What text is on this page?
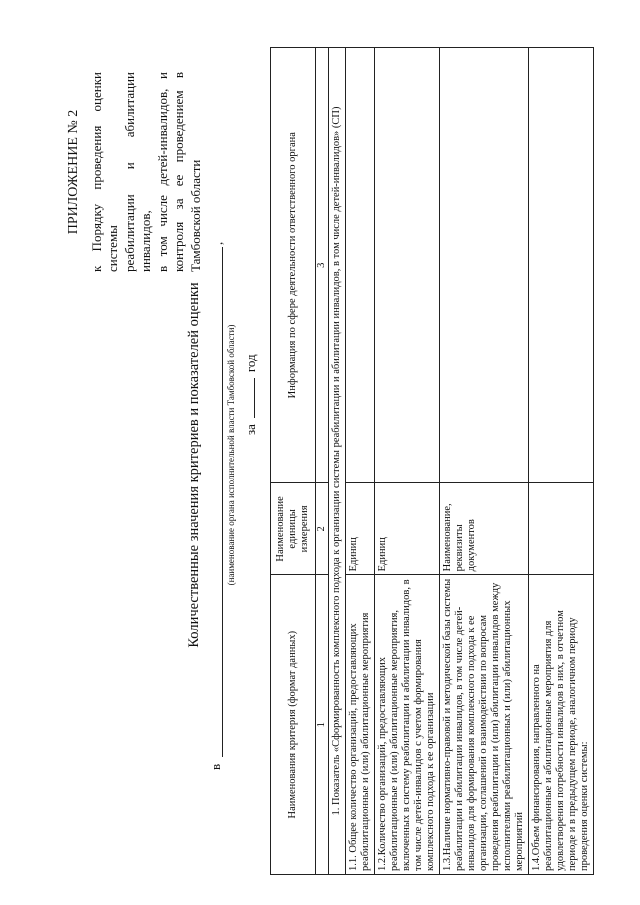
ПРИЛОЖЕНИЕ № 2 к Порядку проведения оценки системы реабилитации и абилитации инвалидов, в том числе детей-инвалидов, и контроля за ее проведением в Тамбовской области
Количественные значения критериев и показателей оценки
в
,
(наименование органа исполнительной власти Тамбовской области) загод
Наименования критерия (формат данных)	Наименование единицы измерения	Информация по сфере деятельности ответственного органа
1	2	3
1. Показатель «Сформированность комплексного подхода к организации системы реабилитации и абилитации инвалидов, в том числе детей-инвалидов» (СП)		
1.1. Общее количество организаций, предоставляющих реабилитационные и (или) абилитационные мероприятия	Единиц	
1.2.Количество организаций, предоставляющих реабилитационные и (или) абилитационные мероприятия, включенных в систему реабилитации и абилитации инвалидов, в том числе детей-инвалидов с учетом формирования комплексного подхода к ее организации	Единиц	
1.3.Наличие нормативно-правовой и методической базы системы реабилитации и абилитации инвалидов, в том числе детей-инвалидов для формирования комплексного подхода к ее организации, соглашений о взаимодействии по вопросам проведения реабилитации и (или) абилитации инвалидов между исполнителями реабилитационных и (или) абилитационных мероприятий	Наименование, реквизиты документов	
1.4.Объем финансирования, направленного на реабилитационные и абилитационные мероприятия для удовлетворения потребности инвалидов в них, в отчетном периоде и в предыдущем периоде, аналогичном периоду проведения оценки системы:		
